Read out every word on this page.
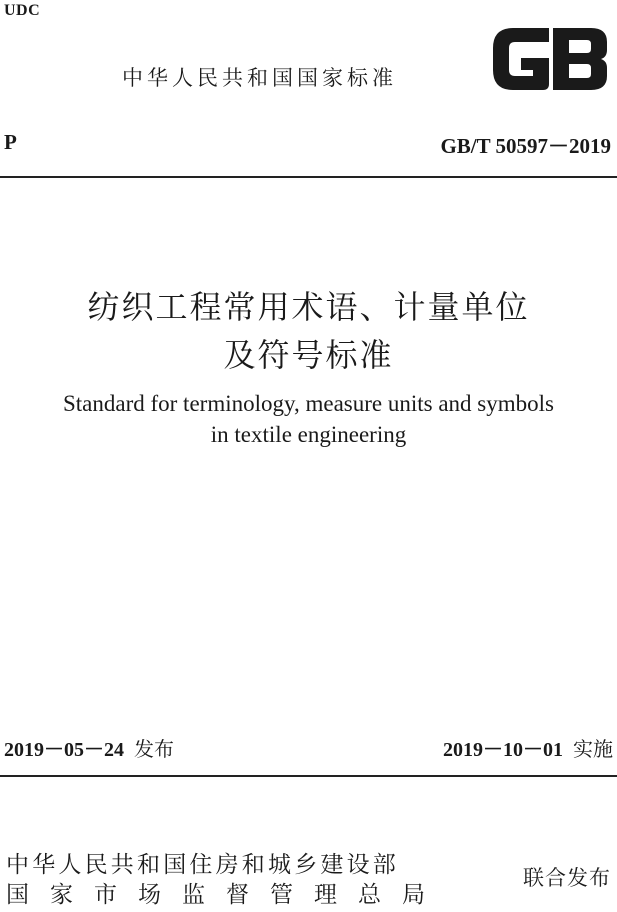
UDC
中华人民共和国国家标准
P	GB/T 50597－2019
纺织工程常用术语、计量单位
及符号标准
Standard for terminology, measure units and symbols
in textile engineering
2019－05－24 发布	2019－10－01 实施
中华人民共和国住房和城乡建设部
国家市场监督管理总局
联合发布
